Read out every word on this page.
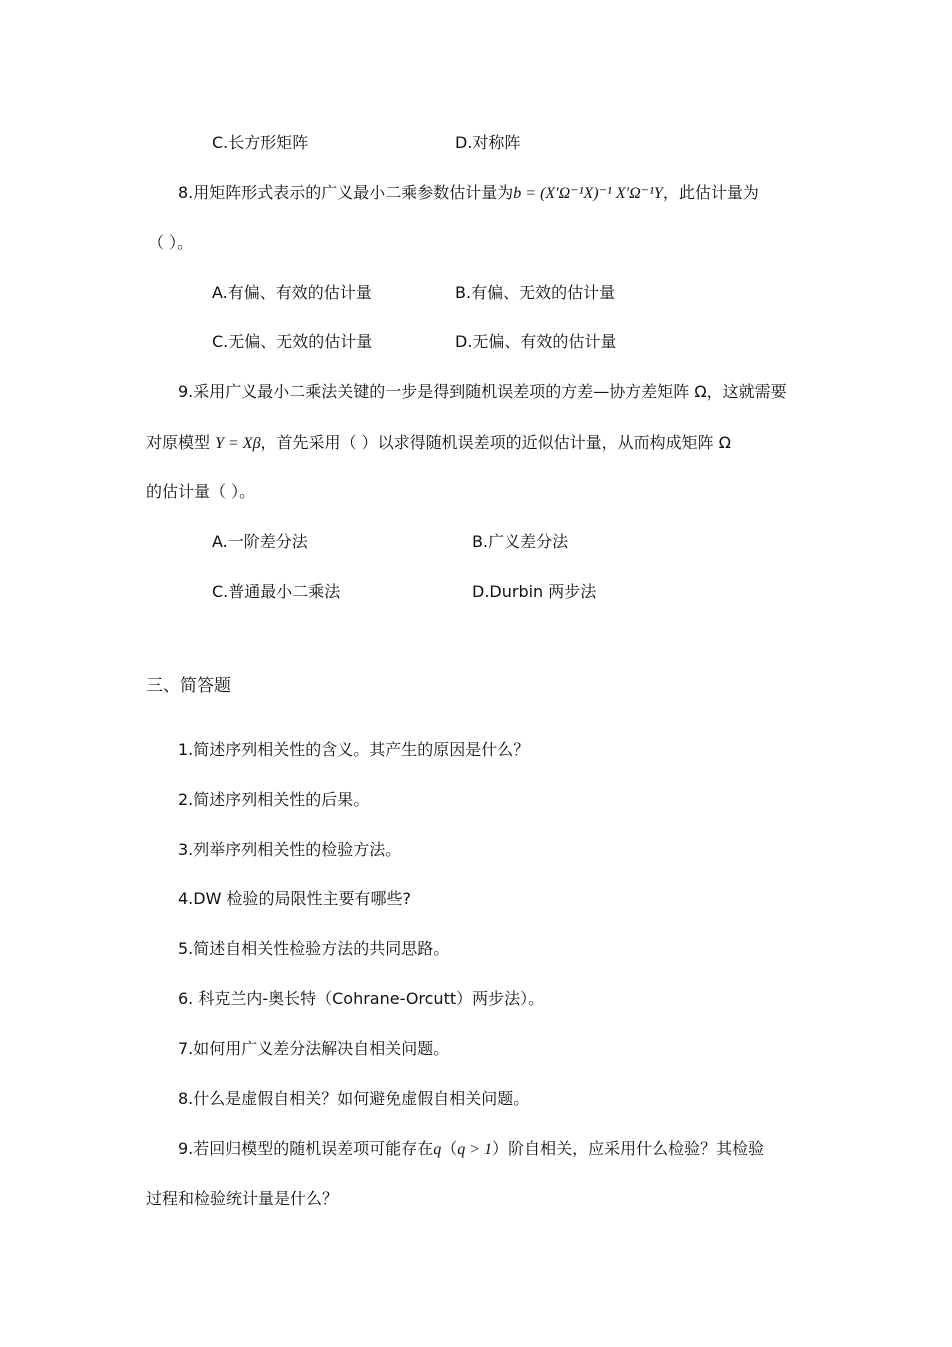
C.长方形矩阵	D.对称阵
8.用矩阵形式表示的广义最小二乘参数估计量为b = (X′Ω⁻¹X)⁻¹ X′Ω⁻¹Y，此估计量为
（ ）。
A.有偏、有效的估计量	B.有偏、无效的估计量
C.无偏、无效的估计量	D.无偏、有效的估计量
9.采用广义最小二乘法关键的一步是得到随机误差项的方差—协方差矩阵 Ω，这就需要
对原模型 Y = Xβ，首先采用（ ）以求得随机误差项的近似估计量，从而构成矩阵 Ω
的估计量（ ）。
A.一阶差分法	B.广义差分法
C.普通最小二乘法	D.Durbin 两步法
三、简答题
1.简述序列相关性的含义。其产生的原因是什么？
2.简述序列相关性的后果。
3.列举序列相关性的检验方法。
4.DW 检验的局限性主要有哪些?
5.简述自相关性检验方法的共同思路。
6. 科克兰内-奥长特（Cohrane-Orcutt）两步法）。
7.如何用广义差分法解决自相关问题。
8.什么是虚假自相关？如何避免虚假自相关问题。
9.若回归模型的随机误差项可能存在q（q > 1）阶自相关，应采用什么检验？其检验
过程和检验统计量是什么？
